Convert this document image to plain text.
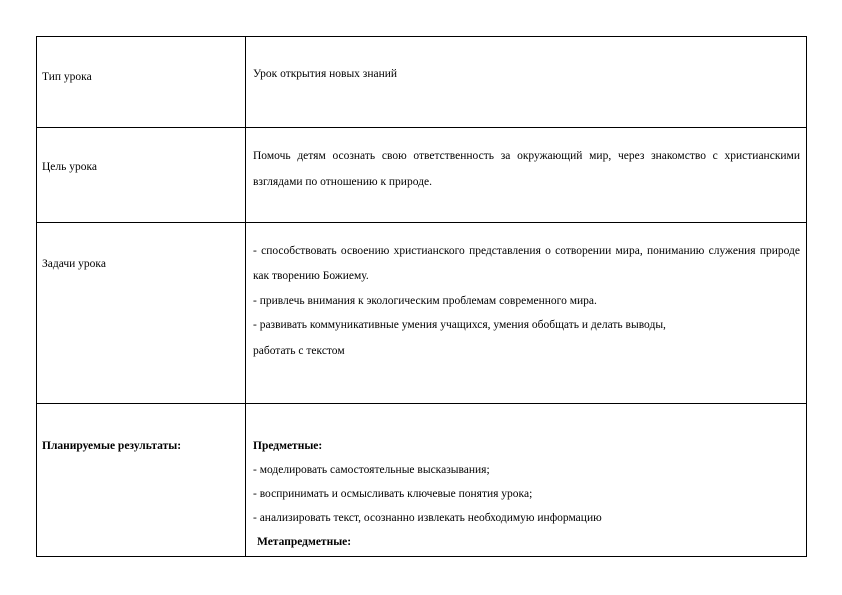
Тип урока	Урок открытия новых знаний

Цель урока	Помочь детям осознать свою ответственность за окружающий мир, через знакомство с христианскими взглядами по отношению к природе.

Задачи урока	- способствовать освоению христианского представления о сотворении мира, пониманию служения природе как творению Божиему.
- привлечь внимания к экологическим проблемам современного мира.
- развивать коммуникативные умения учащихся, умения обобщать и делать выводы,
работать с текстом

Планируемые результаты:	Предметные:
- моделировать самостоятельные высказывания;
- воспринимать и осмысливать ключевые понятия урока;
- анализировать текст, осознанно извлекать необходимую информацию
Метапредметные:
